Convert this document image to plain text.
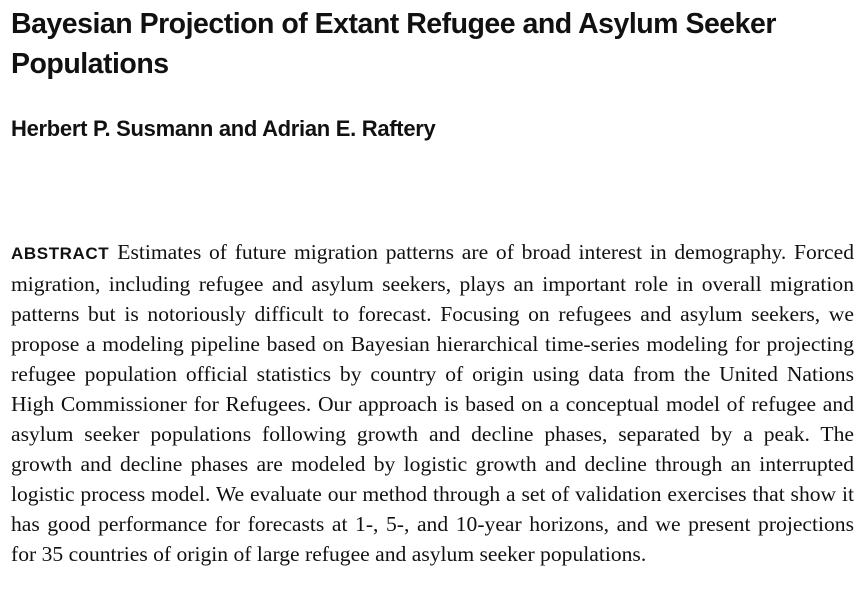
Bayesian Projection of Extant Refugee and Asylum Seeker Populations

Herbert P. Susmann and Adrian E. Raftery

ABSTRACT Estimates of future migration patterns are of broad interest in demography. Forced migration, including refugee and asylum seekers, plays an important role in overall migration patterns but is notoriously difficult to forecast. Focusing on refugees and asylum seekers, we propose a modeling pipeline based on Bayesian hierarchical time-series modeling for projecting refugee population official statistics by country of origin using data from the United Nations High Commissioner for Refugees. Our approach is based on a conceptual model of refugee and asylum seeker populations following growth and decline phases, separated by a peak. The growth and decline phases are modeled by logistic growth and decline through an interrupted logistic process model. We evaluate our method through a set of validation exercises that show it has good performance for forecasts at 1-, 5-, and 10-year horizons, and we present projections for 35 countries of origin of large refugee and asylum seeker populations.
